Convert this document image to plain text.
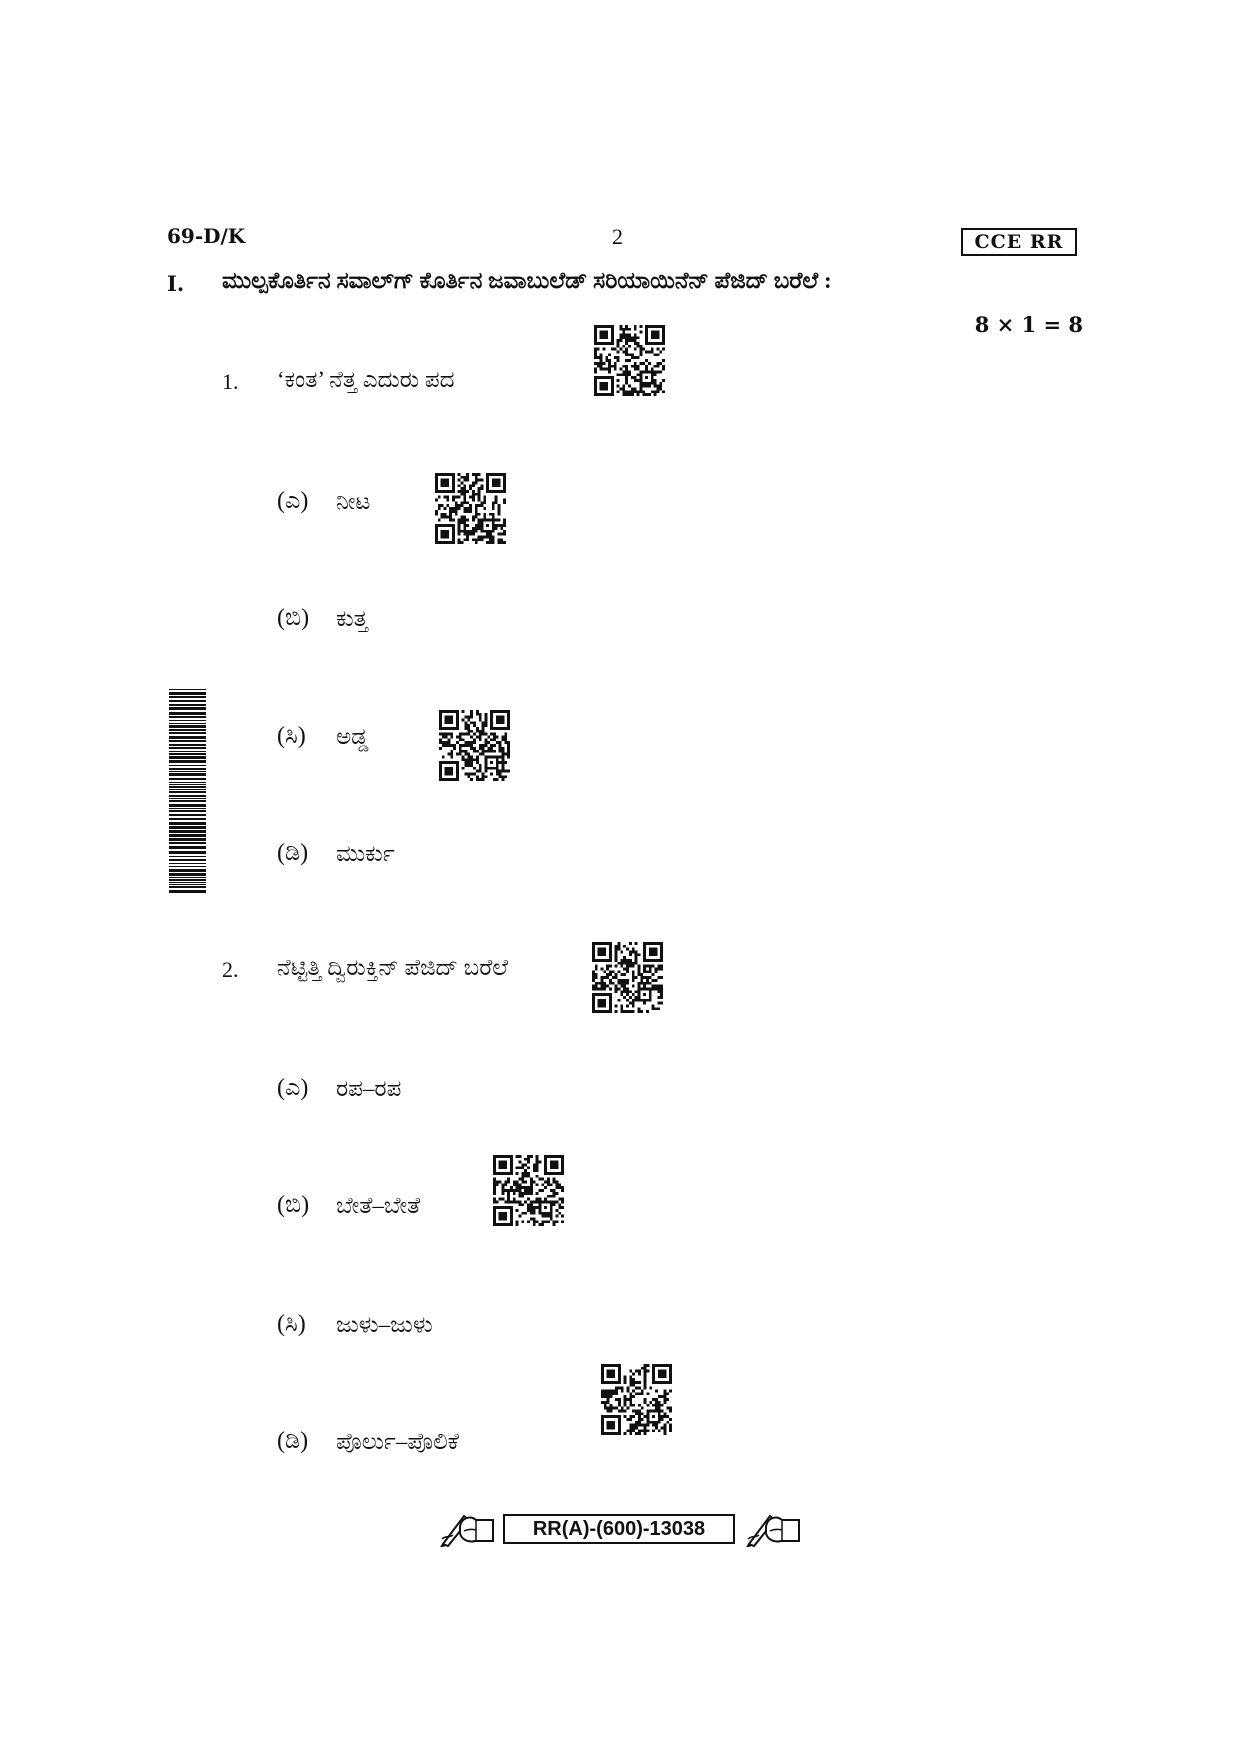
69-D/K	2	CCE RR
I. ಮುಲ್ಪಕೊರ್ತಿನ ಸವಾಲ್‌ಗ್ ಕೊರ್ತಿನ ಜವಾಬುಲೆಡ್ ಸರಿಯಾಯಿನೆನ್ ಪೆಜಿದ್ ಬರೆಲೆ :
8 × 1 = 8
1. ‘ಕಂತ’ ನೆತ್ತ ಎದುರು ಪದ
(ಎ) ನೀಟ
(ಬಿ) ಕುತ್ತ
(ಸಿ) ಅಡ್ಡ
(ಡಿ) ಮುರ್ಕು
2. ನೆಟ್ಟಿತ್ತಿ ದ್ವಿರುಕ್ತಿನ್ ಪೆಜಿದ್ ಬರೆಲೆ
(ಎ) ರಪ–ರಪ
(ಬಿ) ಬೇತೆ–ಬೇತೆ
(ಸಿ) ಜುಳು–ಜುಳು
(ಡಿ) ಪೊರ್ಲು–ಪೊಲಿಕೆ
RR(A)-(600)-13038
